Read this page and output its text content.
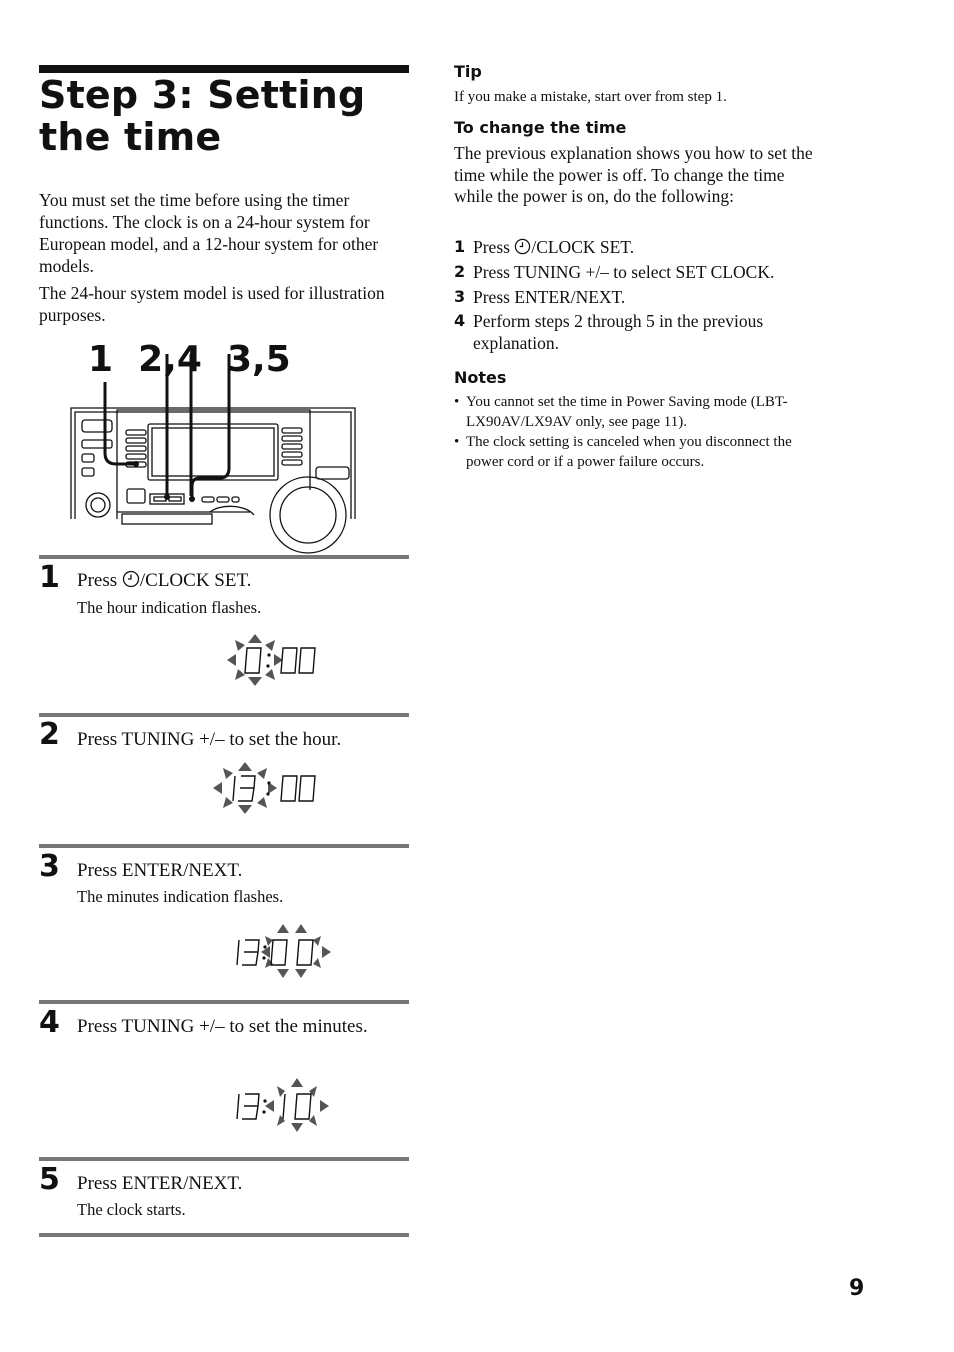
Step 3: Setting the time
You must set the time before using the timer functions. The clock is on a 24-hour system for European model, and a 12-hour system for other models.
The 24-hour system model is used for illustration purposes.
1  2,4  3,5
1 Press /CLOCK SET.
The hour indication flashes.
0:00
2 Press TUNING +/– to set the hour.
19:00
3 Press ENTER/NEXT.
The minutes indication flashes.
19:00
4 Press TUNING +/– to set the minutes.
19:10
5 Press ENTER/NEXT.
The clock starts.
Tip
If you make a mistake, start over from step 1.
To change the time
The previous explanation shows you how to set the time while the power is off. To change the time while the power is on, do the following:
1 Press /CLOCK SET.
2 Press TUNING +/– to select SET CLOCK.
3 Press ENTER/NEXT.
4 Perform steps 2 through 5 in the previous explanation.
Notes
• You cannot set the time in Power Saving mode (LBT-LX90AV/LX9AV only, see page 11).
• The clock setting is canceled when you disconnect the power cord or if a power failure occurs.
9
